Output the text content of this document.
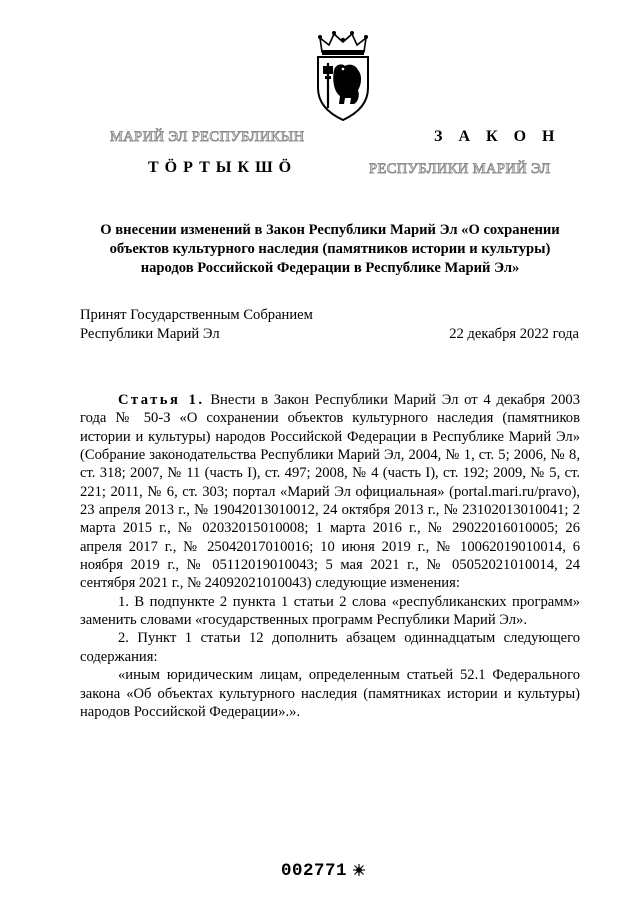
МАРИЙ ЭЛ РЕСПУБЛИКЫН	З А К О Н
ТӦРТЫКШӦ	РЕСПУБЛИКИ МАРИЙ ЭЛ
О внесении изменений в Закон Республики Марий Эл «О сохранении
объектов культурного наследия (памятников истории и культуры)
народов Российской Федерации в Республике Марий Эл»
Принят Государственным Собранием
Республики Марий Эл	22 декабря 2022 года

Статья 1. Внести в Закон Республики Марий Эл от 4 декабря 2003 года № 50-З «О сохранении объектов культурного наследия (памятников истории и культуры) народов Российской Федерации в Республике Марий Эл» (Собрание законодательства Республики Марий Эл, 2004, № 1, ст. 5; 2006, № 8, ст. 318; 2007, № 11 (часть I), ст. 497; 2008, № 4 (часть I), ст. 192; 2009, № 5, ст. 221; 2011, № 6, ст. 303; портал «Марий Эл официальная» (portal.mari.ru/pravo), 23 апреля 2013 г., № 19042013010012, 24 октября 2013 г., № 23102013010041; 2 марта 2015 г., № 02032015010008; 1 марта 2016 г., № 29022016010005; 26 апреля 2017 г., № 25042017010016; 10 июня 2019 г., № 10062019010014, 6 ноября 2019 г., № 05112019010043; 5 мая 2021 г., № 05052021010014, 24 сентября 2021 г., № 24092021010043) следующие изменения:

1. В подпункте 2 пункта 1 статьи 2 слова «республиканских программ» заменить словами «государственных программ Республики Марий Эл».

2. Пункт 1 статьи 12 дополнить абзацем одиннадцатым следующего содержания:

«иным юридическим лицам, определенным статьей 52.1 Федерального закона «Об объектах культурного наследия (памятниках истории и культуры) народов Российской Федерации».».

002771
